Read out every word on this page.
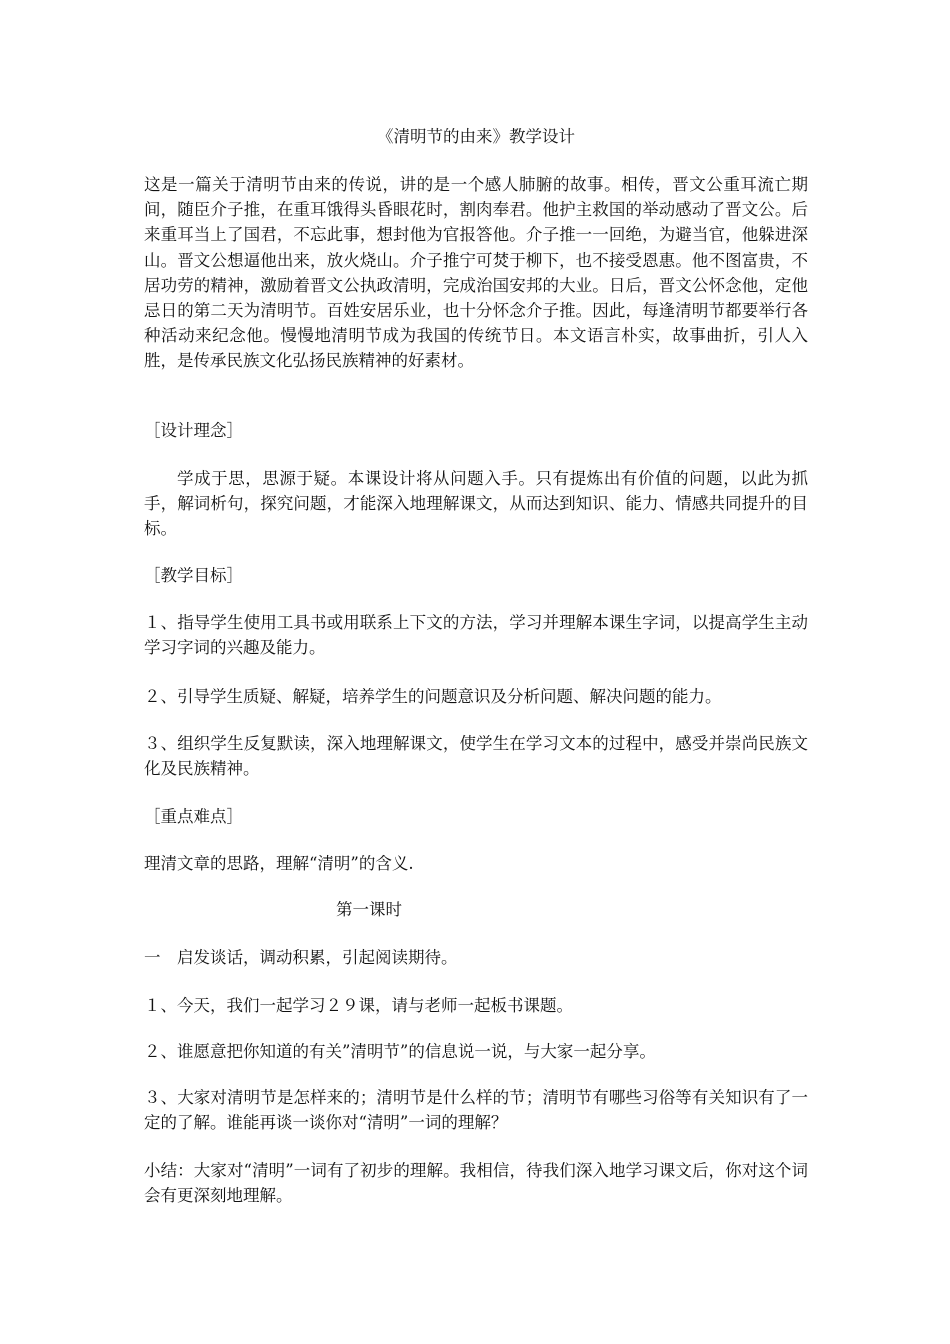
《清明节的由来》教学设计

这是一篇关于清明节由来的传说，讲的是一个感人肺腑的故事。相传，晋文公重耳流亡期间，随臣介子推，在重耳饿得头昏眼花时，割肉奉君。他护主救国的举动感动了晋文公。后来重耳当上了国君，不忘此事，想封他为官报答他。介子推一一回绝，为避当官，他躲进深山。晋文公想逼他出来，放火烧山。介子推宁可焚于柳下，也不接受恩惠。他不图富贵，不居功劳的精神，激励着晋文公执政清明，完成治国安邦的大业。日后，晋文公怀念他，定他忌日的第二天为清明节。百姓安居乐业，也十分怀念介子推。因此，每逢清明节都要举行各种活动来纪念他。慢慢地清明节成为我国的传统节日。本文语言朴实，故事曲折，引人入胜，是传承民族文化弘扬民族精神的好素材。

［设计理念］

学成于思，思源于疑。本课设计将从问题入手。只有提炼出有价值的问题，以此为抓手，解词析句，探究问题，才能深入地理解课文，从而达到知识、能力、情感共同提升的目标。

［教学目标］

１、指导学生使用工具书或用联系上下文的方法，学习并理解本课生字词，以提高学生主动学习字词的兴趣及能力。

２、引导学生质疑、解疑，培养学生的问题意识及分析问题、解决问题的能力。

３、组织学生反复默读，深入地理解课文，使学生在学习文本的过程中，感受并崇尚民族文化及民族精神。

［重点难点］

理清文章的思路，理解“清明”的含义.

第一课时

一　启发谈话，调动积累，引起阅读期待。

１、今天，我们一起学习２９课，请与老师一起板书课题。

２、谁愿意把你知道的有关”清明节”的信息说一说，与大家一起分享。

３、大家对清明节是怎样来的；清明节是什么样的节；清明节有哪些习俗等有关知识有了一定的了解。谁能再谈一谈你对“清明”一词的理解？

小结：大家对“清明”一词有了初步的理解。我相信，待我们深入地学习课文后，你对这个词会有更深刻地理解。
